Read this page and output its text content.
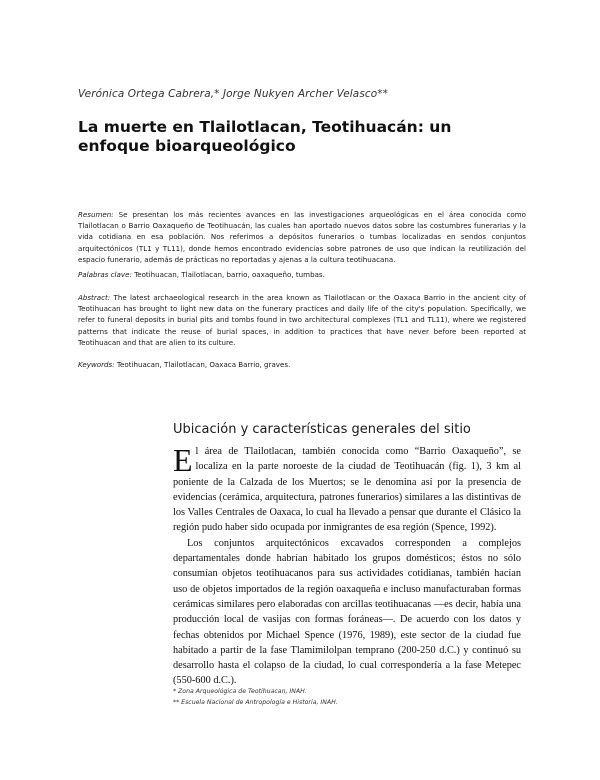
Verónica Ortega Cabrera,* Jorge Nukyen Archer Velasco**
La muerte en Tlailotlacan, Teotihuacán: un enfoque bioarqueológico
Resumen: Se presentan los más recientes avances en las investigaciones arqueológicas en el área conocida como Tlailotlacan o Barrio Oaxaqueño de Teotihuacán, las cuales han aportado nuevos datos sobre las costumbres funerarias y la vida cotidiana en esa población. Nos referimos a depósitos funerarios o tumbas localizadas en sendos conjuntos arquitectónicos (TL1 y TL11), donde hemos encontrado evidencias sobre patrones de uso que indican la reutilización del espacio funerario, además de prácticas no reportadas y ajenas a la cultura teotihuacana.
Palabras clave: Teotihuacan, Tlailotlacan, barrio, oaxaqueño, tumbas.
Abstract: The latest archaeological research in the area known as Tlailotlacan or the Oaxaca Barrio in the ancient city of Teotihuacan has brought to light new data on the funerary practices and daily life of the city's population. Specifically, we refer to funeral deposits in burial pits and tombs found in two architectural complexes (TL1 and TL11), where we registered patterns that indicate the reuse of burial spaces, in addition to practices that have never before been reported at Teotihuacan and that are alien to its culture.
Keywords: Teotihuacan, Tlailotlacan, Oaxaca Barrio, graves.
Ubicación y características generales del sitio

El área de Tlailotlacan, también conocida como “Barrio Oaxaqueño”, se localiza en la parte noroeste de la ciudad de Teotihuacán (fig. 1), 3 km al poniente de la Calzada de los Muertos; se le denomina así por la presencia de evidencias (cerámica, arquitectura, patrones funerarios) similares a las distintivas de los Valles Centrales de Oaxaca, lo cual ha llevado a pensar que durante el Clásico la región pudo haber sido ocupada por inmigrantes de esa región (Spence, 1992).

Los conjuntos arquitectónicos excavados corresponden a complejos departamentales donde habrían habitado los grupos domésticos; éstos no sólo consumían objetos teotihuacanos para sus actividades cotidianas, también hacían uso de objetos importados de la región oaxaqueña e incluso manufacturaban formas cerámicas similares pero elaboradas con arcillas teotihuacanas —es decir, había una producción local de vasijas con formas foráneas—. De acuerdo con los datos y fechas obtenidos por Michael Spence (1976, 1989), este sector de la ciudad fue habitado a partir de la fase Tlamimilolpan temprano (200-250 d.C.) y continuó su desarrollo hasta el colapso de la ciudad, lo cual correspondería a la fase Metepec (550-600 d.C.).

* Zona Arqueológica de Teotihuacan, INAH.
** Escuela Nacional de Antropología e Historia, INAH.
